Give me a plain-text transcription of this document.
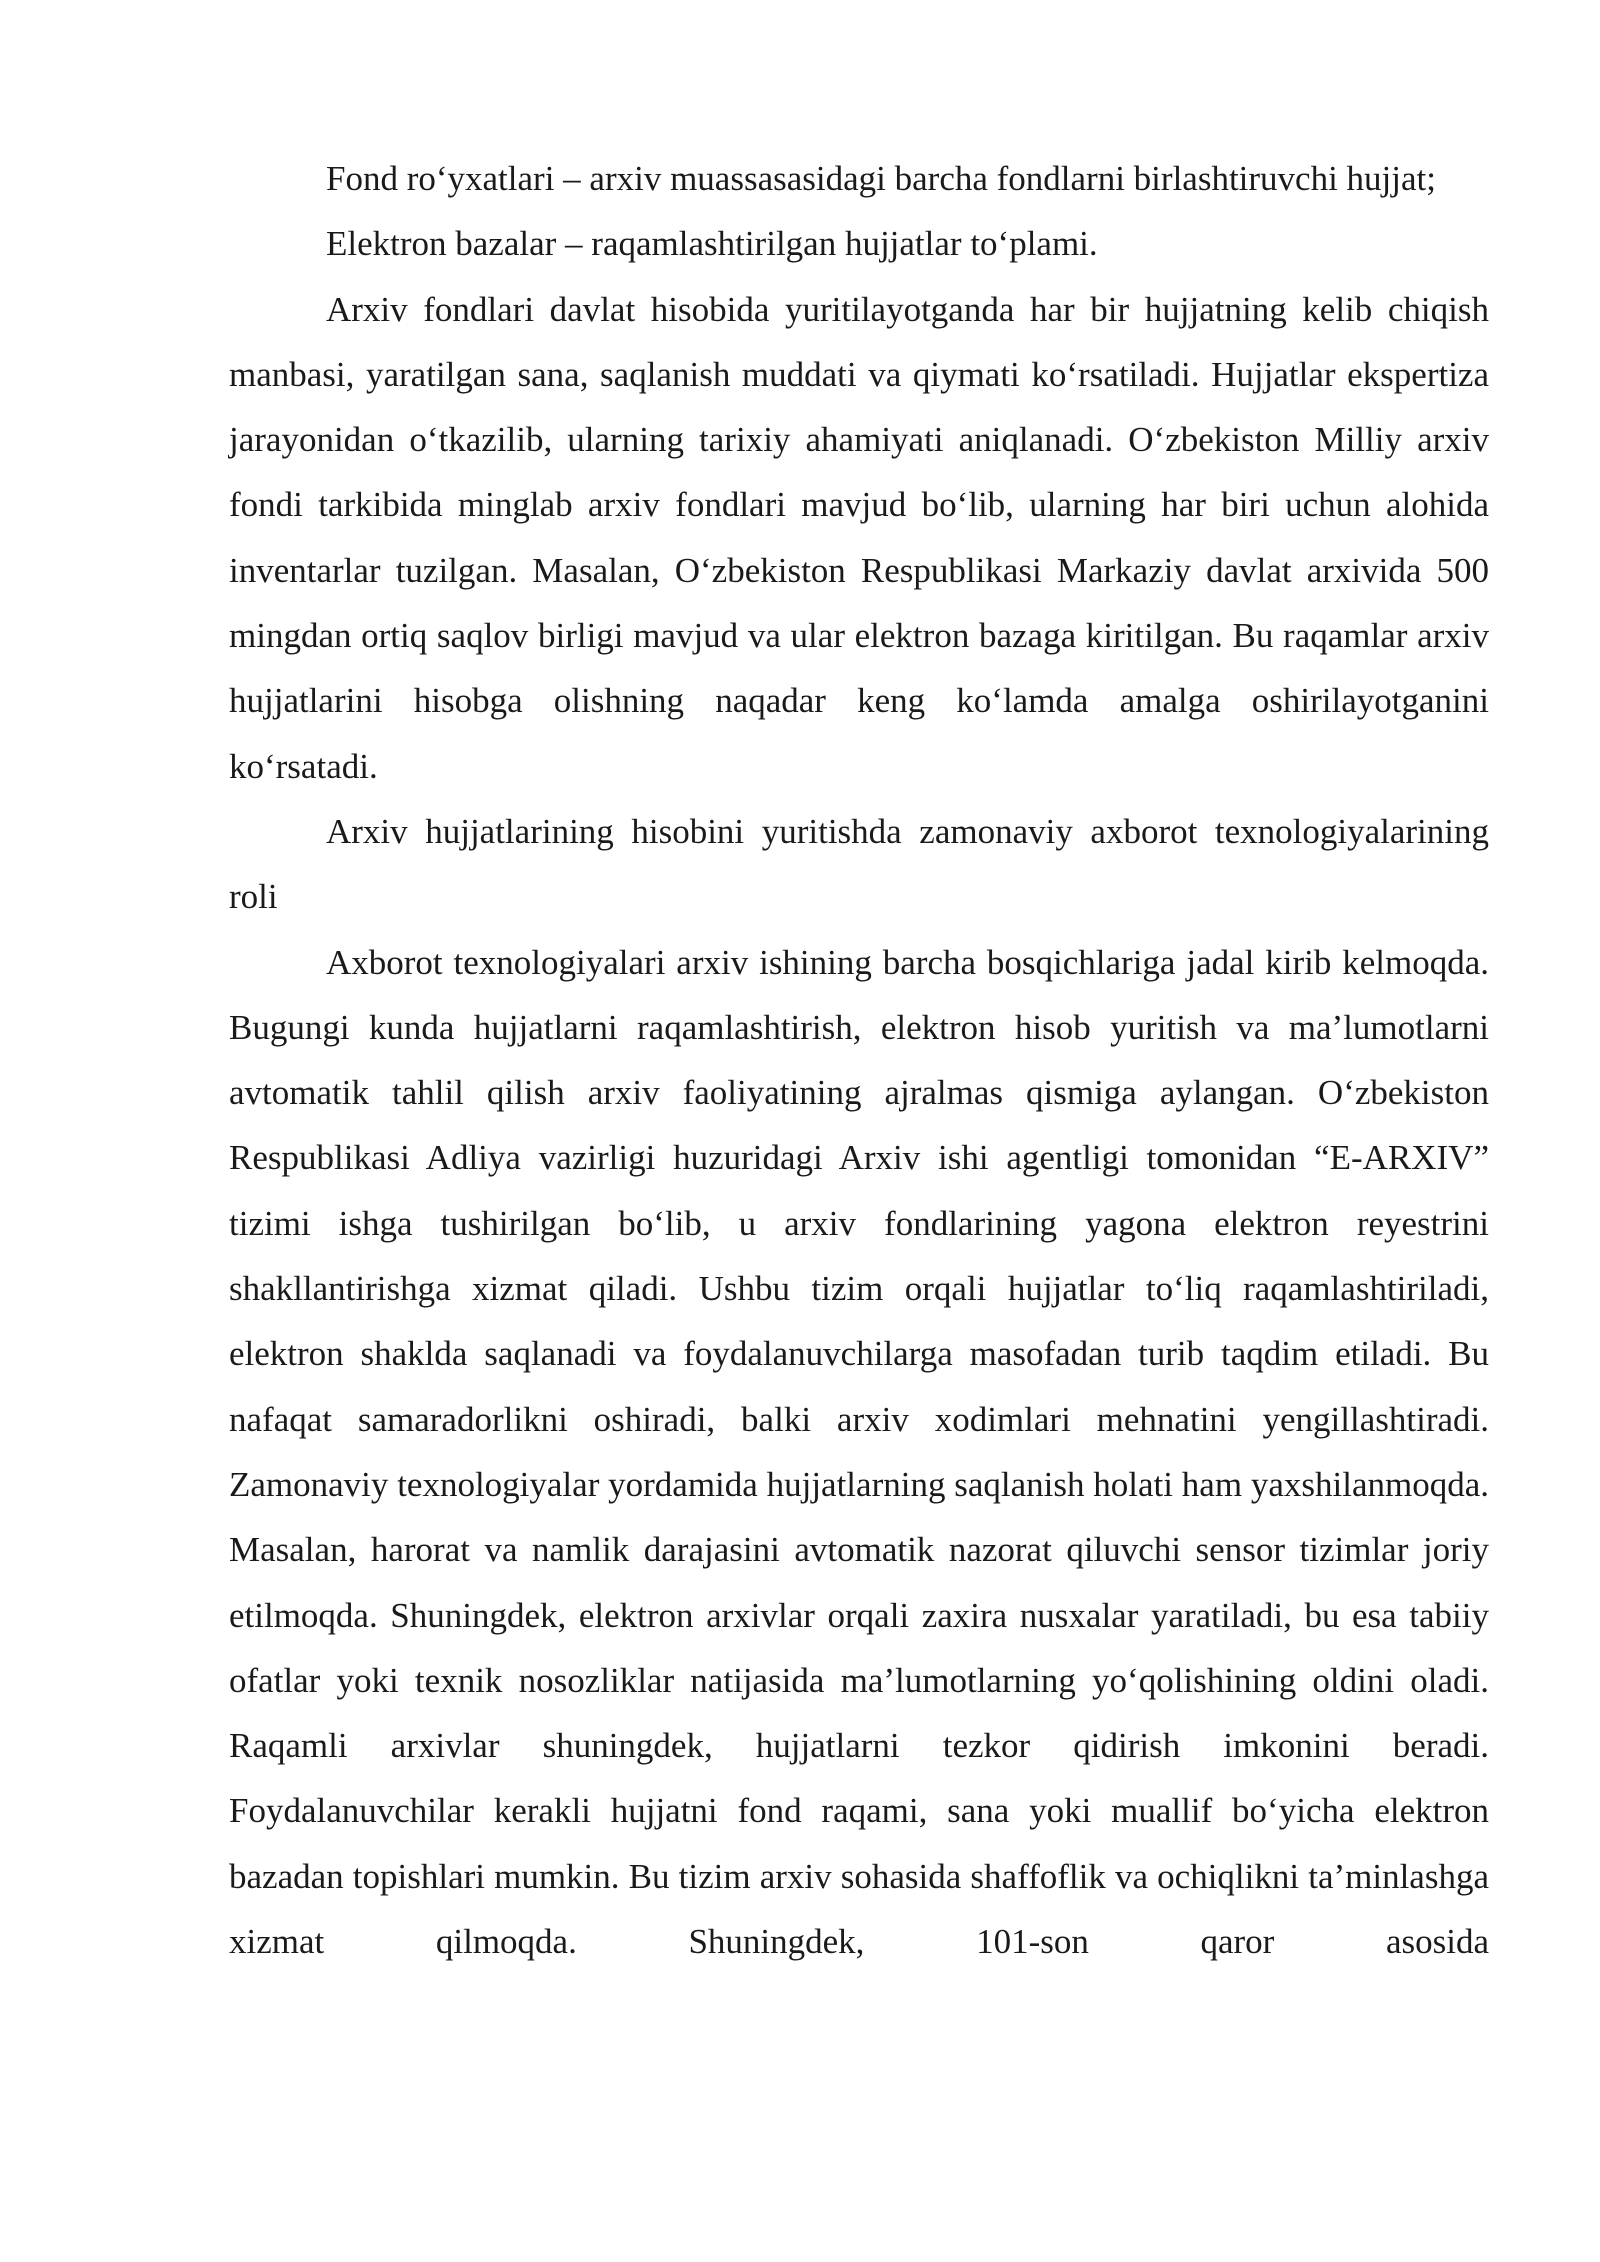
Fond ro‘yxatlari – arxiv muassasasidagi barcha fondlarni birlashtiruvchi hujjat;

Elektron bazalar – raqamlashtirilgan hujjatlar to‘plami.

Arxiv fondlari davlat hisobida yuritilayotganda har bir hujjatning kelib chiqish manbasi, yaratilgan sana, saqlanish muddati va qiymati ko‘rsatiladi. Hujjatlar ekspertiza jarayonidan o‘tkazilib, ularning tarixiy ahamiyati aniqlanadi. O‘zbekiston Milliy arxiv fondi tarkibida minglab arxiv fondlari mavjud bo‘lib, ularning har biri uchun alohida inventarlar tuzilgan. Masalan, O‘zbekiston Respublikasi Markaziy davlat arxivida 500 mingdan ortiq saqlov birligi mavjud va ular elektron bazaga kiritilgan. Bu raqamlar arxiv hujjatlarini hisobga olishning naqadar keng ko‘lamda amalga oshirilayotganini ko‘rsatadi.

Arxiv hujjatlarining hisobini yuritishda zamonaviy axborot texnologiyalarining roli

Axborot texnologiyalari arxiv ishining barcha bosqichlariga jadal kirib kelmoqda. Bugungi kunda hujjatlarni raqamlashtirish, elektron hisob yuritish va ma’lumotlarni avtomatik tahlil qilish arxiv faoliyatining ajralmas qismiga aylangan. O‘zbekiston Respublikasi Adliya vazirligi huzuridagi Arxiv ishi agentligi tomonidan “E-ARXIV” tizimi ishga tushirilgan bo‘lib, u arxiv fondlarining yagona elektron reyestrini shakllantirishga xizmat qiladi. Ushbu tizim orqali hujjatlar to‘liq raqamlashtiriladi, elektron shaklda saqlanadi va foydalanuvchilarga masofadan turib taqdim etiladi. Bu nafaqat samaradorlikni oshiradi, balki arxiv xodimlari mehnatini yengillashtiradi. Zamonaviy texnologiyalar yordamida hujjatlarning saqlanish holati ham yaxshilanmoqda. Masalan, harorat va namlik darajasini avtomatik nazorat qiluvchi sensor tizimlar joriy etilmoqda. Shuningdek, elektron arxivlar orqali zaxira nusxalar yaratiladi, bu esa tabiiy ofatlar yoki texnik nosozliklar natijasida ma’lumotlarning yo‘qolishining oldini oladi. Raqamli arxivlar shuningdek, hujjatlarni tezkor qidirish imkonini beradi. Foydalanuvchilar kerakli hujjatni fond raqami, sana yoki muallif bo‘yicha elektron bazadan topishlari mumkin. Bu tizim arxiv sohasida shaffoflik va ochiqlikni ta’minlashga xizmat qilmoqda. Shuningdek, 101-son qaror asosida
